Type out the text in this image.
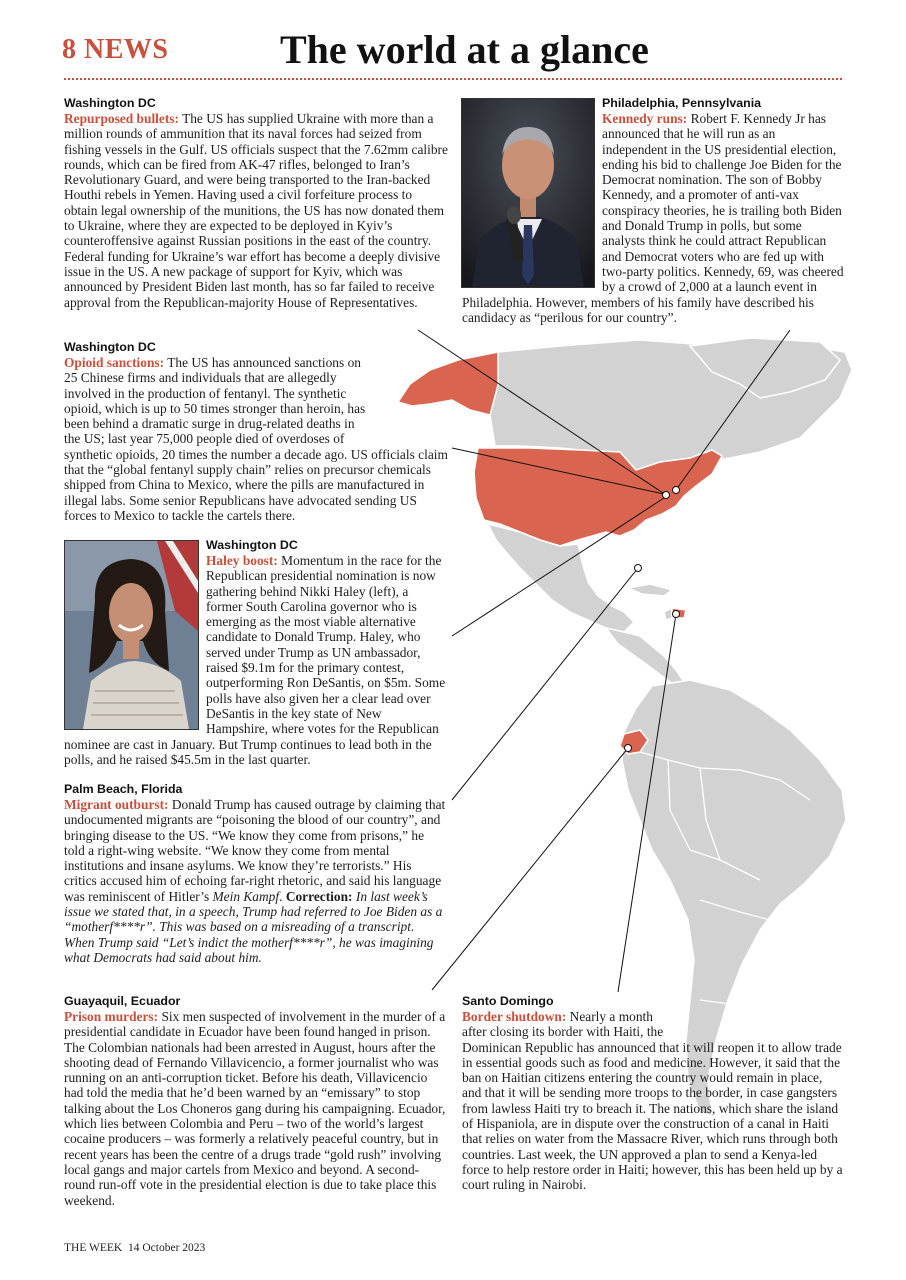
8 NEWS	The world at a glance
Washington DC

Repurposed bullets: The US has supplied Ukraine with more than a million rounds of ammunition that its naval forces had seized from fishing vessels in the Gulf. US officials suspect that the 7.62mm calibre rounds, which can be fired from AK-47 rifles, belonged to Iran’s Revolutionary Guard, and were being transported to the Iran-backed Houthi rebels in Yemen. Having used a civil forfeiture process to obtain legal ownership of the munitions, the US has now donated them to Ukraine, where they are expected to be deployed in Kyiv’s counteroffensive against Russian positions in the east of the country. Federal funding for Ukraine’s war effort has become a deeply divisive issue in the US. A new package of support for Kyiv, which was announced by President Biden last month, has so far failed to receive approval from the Republican-majority House of Representatives.

Philadelphia, Pennsylvania

Kennedy runs: Robert F. Kennedy Jr has announced that he will run as an independent in the US presidential election, ending his bid to challenge Joe Biden for the Democrat nomination. The son of Bobby Kennedy, and a promoter of anti-vax conspiracy theories, he is trailing both Biden and Donald Trump in polls, but some analysts think he could attract Republican and Democrat voters who are fed up with two-party politics. Kennedy, 69, was cheered by a crowd of 2,000 at a launch event in Philadelphia. However, members of his family have described his candidacy as “perilous for our country”.

Washington DC

Opioid sanctions: The US has announced sanctions on 25 Chinese firms and individuals that are allegedly involved in the production of fentanyl. The synthetic opioid, which is up to 50 times stronger than heroin, has been behind a dramatic surge in drug-related deaths in the US; last year 75,000 people died of overdoses of synthetic opioids, 20 times the number a decade ago. US officials claim that the “global fentanyl supply chain” relies on precursor chemicals shipped from China to Mexico, where the pills are manufactured in illegal labs. Some senior Republicans have advocated sending US forces to Mexico to tackle the cartels there.

Washington DC

Haley boost: Momentum in the race for the Republican presidential nomination is now gathering behind Nikki Haley (left), a former South Carolina governor who is emerging as the most viable alternative candidate to Donald Trump. Haley, who served under Trump as UN ambassador, raised $9.1m for the primary contest, outperforming Ron DeSantis, on $5m. Some polls have also given her a clear lead over DeSantis in the key state of New Hampshire, where votes for the Republican nominee are cast in January. But Trump continues to lead both in the polls, and he raised $45.5m in the last quarter.

Palm Beach, Florida

Migrant outburst: Donald Trump has caused outrage by claiming that undocumented migrants are “poisoning the blood of our country”, and bringing disease to the US. “We know they come from prisons,” he told a right-wing website. “We know they come from mental institutions and insane asylums. We know they’re terrorists.” His critics accused him of echoing far-right rhetoric, and said his language was reminiscent of Hitler’s Mein Kampf. Correction: In last week’s issue we stated that, in a speech, Trump had referred to Joe Biden as a “motherf****r”. This was based on a misreading of a transcript. When Trump said “Let’s indict the motherf****r”, he was imagining what Democrats had said about him.

Guayaquil, Ecuador

Prison murders: Six men suspected of involvement in the murder of a presidential candidate in Ecuador have been found hanged in prison. The Colombian nationals had been arrested in August, hours after the shooting dead of Fernando Villavicencio, a former journalist who was running on an anti-corruption ticket. Before his death, Villavicencio had told the media that he’d been warned by an “emissary” to stop talking about the Los Choneros gang during his campaigning. Ecuador, which lies between Colombia and Peru – two of the world’s largest cocaine producers – was formerly a relatively peaceful country, but in recent years has been the centre of a drugs trade “gold rush” involving local gangs and major cartels from Mexico and beyond. A second-round run-off vote in the presidential election is due to take place this weekend.

Santo Domingo

Border shutdown: Nearly a month after closing its border with Haiti, the Dominican Republic has announced that it will reopen it to allow trade in essential goods such as food and medicine. However, it said that the ban on Haitian citizens entering the country would remain in place, and that it will be sending more troops to the border, in case gangsters from lawless Haiti try to breach it. The nations, which share the island of Hispaniola, are in dispute over the construction of a canal in Haiti that relies on water from the Massacre River, which runs through both countries. Last week, the UN approved a plan to send a Kenya-led force to help restore order in Haiti; however, this has been held up by a court ruling in Nairobi.

THE WEEK 14 October 2023
